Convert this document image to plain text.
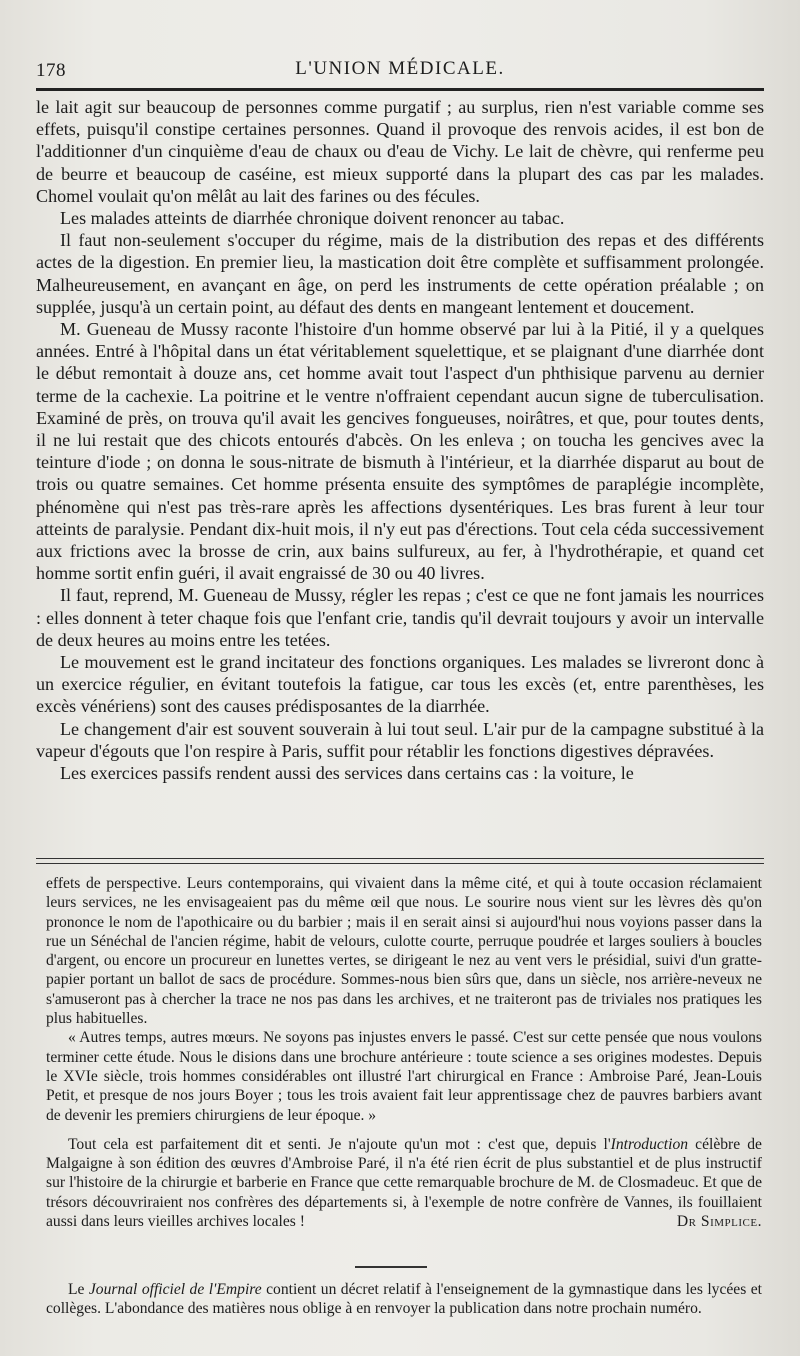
178	L'UNION MÉDICALE.

le lait agit sur beaucoup de personnes comme purgatif ; au surplus, rien n'est variable comme ses effets, puisqu'il constipe certaines personnes. Quand il provoque des renvois acides, il est bon de l'additionner d'un cinquième d'eau de chaux ou d'eau de Vichy. Le lait de chèvre, qui renferme peu de beurre et beaucoup de caséine, est mieux supporté dans la plupart des cas par les malades. Chomel voulait qu'on mêlât au lait des farines ou des fécules.

Les malades atteints de diarrhée chronique doivent renoncer au tabac.

Il faut non-seulement s'occuper du régime, mais de la distribution des repas et des différents actes de la digestion. En premier lieu, la mastication doit être complète et suffisamment prolongée. Malheureusement, en avançant en âge, on perd les instruments de cette opération préalable ; on supplée, jusqu'à un certain point, au défaut des dents en mangeant lentement et doucement.

M. Gueneau de Mussy raconte l'histoire d'un homme observé par lui à la Pitié, il y a quelques années. Entré à l'hôpital dans un état véritablement squelettique, et se plaignant d'une diarrhée dont le début remontait à douze ans, cet homme avait tout l'aspect d'un phthisique parvenu au dernier terme de la cachexie. La poitrine et le ventre n'offraient cependant aucun signe de tuberculisation. Examiné de près, on trouva qu'il avait les gencives fongueuses, noirâtres, et que, pour toutes dents, il ne lui restait que des chicots entourés d'abcès. On les enleva ; on toucha les gencives avec la teinture d'iode ; on donna le sous-nitrate de bismuth à l'intérieur, et la diarrhée disparut au bout de trois ou quatre semaines. Cet homme présenta ensuite des symptômes de paraplégie incomplète, phénomène qui n'est pas très-rare après les affections dysentériques. Les bras furent à leur tour atteints de paralysie. Pendant dix-huit mois, il n'y eut pas d'érections. Tout cela céda successivement aux frictions avec la brosse de crin, aux bains sulfureux, au fer, à l'hydrothérapie, et quand cet homme sortit enfin guéri, il avait engraissé de 30 ou 40 livres.

Il faut, reprend, M. Gueneau de Mussy, régler les repas ; c'est ce que ne font jamais les nourrices : elles donnent à teter chaque fois que l'enfant crie, tandis qu'il devrait toujours y avoir un intervalle de deux heures au moins entre les tetées.

Le mouvement est le grand incitateur des fonctions organiques. Les malades se livreront donc à un exercice régulier, en évitant toutefois la fatigue, car tous les excès (et, entre parenthèses, les excès vénériens) sont des causes prédisposantes de la diarrhée.

Le changement d'air est souvent souverain à lui tout seul. L'air pur de la campagne substitué à la vapeur d'égouts que l'on respire à Paris, suffit pour rétablir les fonctions digestives dépravées.

Les exercices passifs rendent aussi des services dans certains cas : la voiture, le

effets de perspective. Leurs contemporains, qui vivaient dans la même cité, et qui à toute occasion réclamaient leurs services, ne les envisageaient pas du même œil que nous. Le sourire nous vient sur les lèvres dès qu'on prononce le nom de l'apothicaire ou du barbier ; mais il en serait ainsi si aujourd'hui nous voyions passer dans la rue un Sénéchal de l'ancien régime, habit de velours, culotte courte, perruque poudrée et larges souliers à boucles d'argent, ou encore un procureur en lunettes vertes, se dirigeant le nez au vent vers le présidial, suivi d'un gratte-papier portant un ballot de sacs de procédure. Sommes-nous bien sûrs que, dans un siècle, nos arrière-neveux ne s'amuseront pas à chercher la trace ne nos pas dans les archives, et ne traiteront pas de triviales nos pratiques les plus habituelles.

« Autres temps, autres mœurs. Ne soyons pas injustes envers le passé. C'est sur cette pensée que nous voulons terminer cette étude. Nous le disions dans une brochure antérieure : toute science a ses origines modestes. Depuis le XVIe siècle, trois hommes considérables ont illustré l'art chirurgical en France : Ambroise Paré, Jean-Louis Petit, et presque de nos jours Boyer ; tous les trois avaient fait leur apprentissage chez de pauvres barbiers avant de devenir les premiers chirurgiens de leur époque. »

Tout cela est parfaitement dit et senti. Je n'ajoute qu'un mot : c'est que, depuis l'Introduction célèbre de Malgaigne à son édition des œuvres d'Ambroise Paré, il n'a été rien écrit de plus substantiel et de plus instructif sur l'histoire de la chirurgie et barberie en France que cette remarquable brochure de M. de Closmadeuc. Et que de trésors découvriraient nos confrères des départements si, à l'exemple de notre confrère de Vannes, ils fouillaient aussi dans leurs vieilles archives locales !	Dr Simplice.

Le Journal officiel de l'Empire contient un décret relatif à l'enseignement de la gymnastique dans les lycées et collèges. L'abondance des matières nous oblige à en renvoyer la publication dans notre prochain numéro.
